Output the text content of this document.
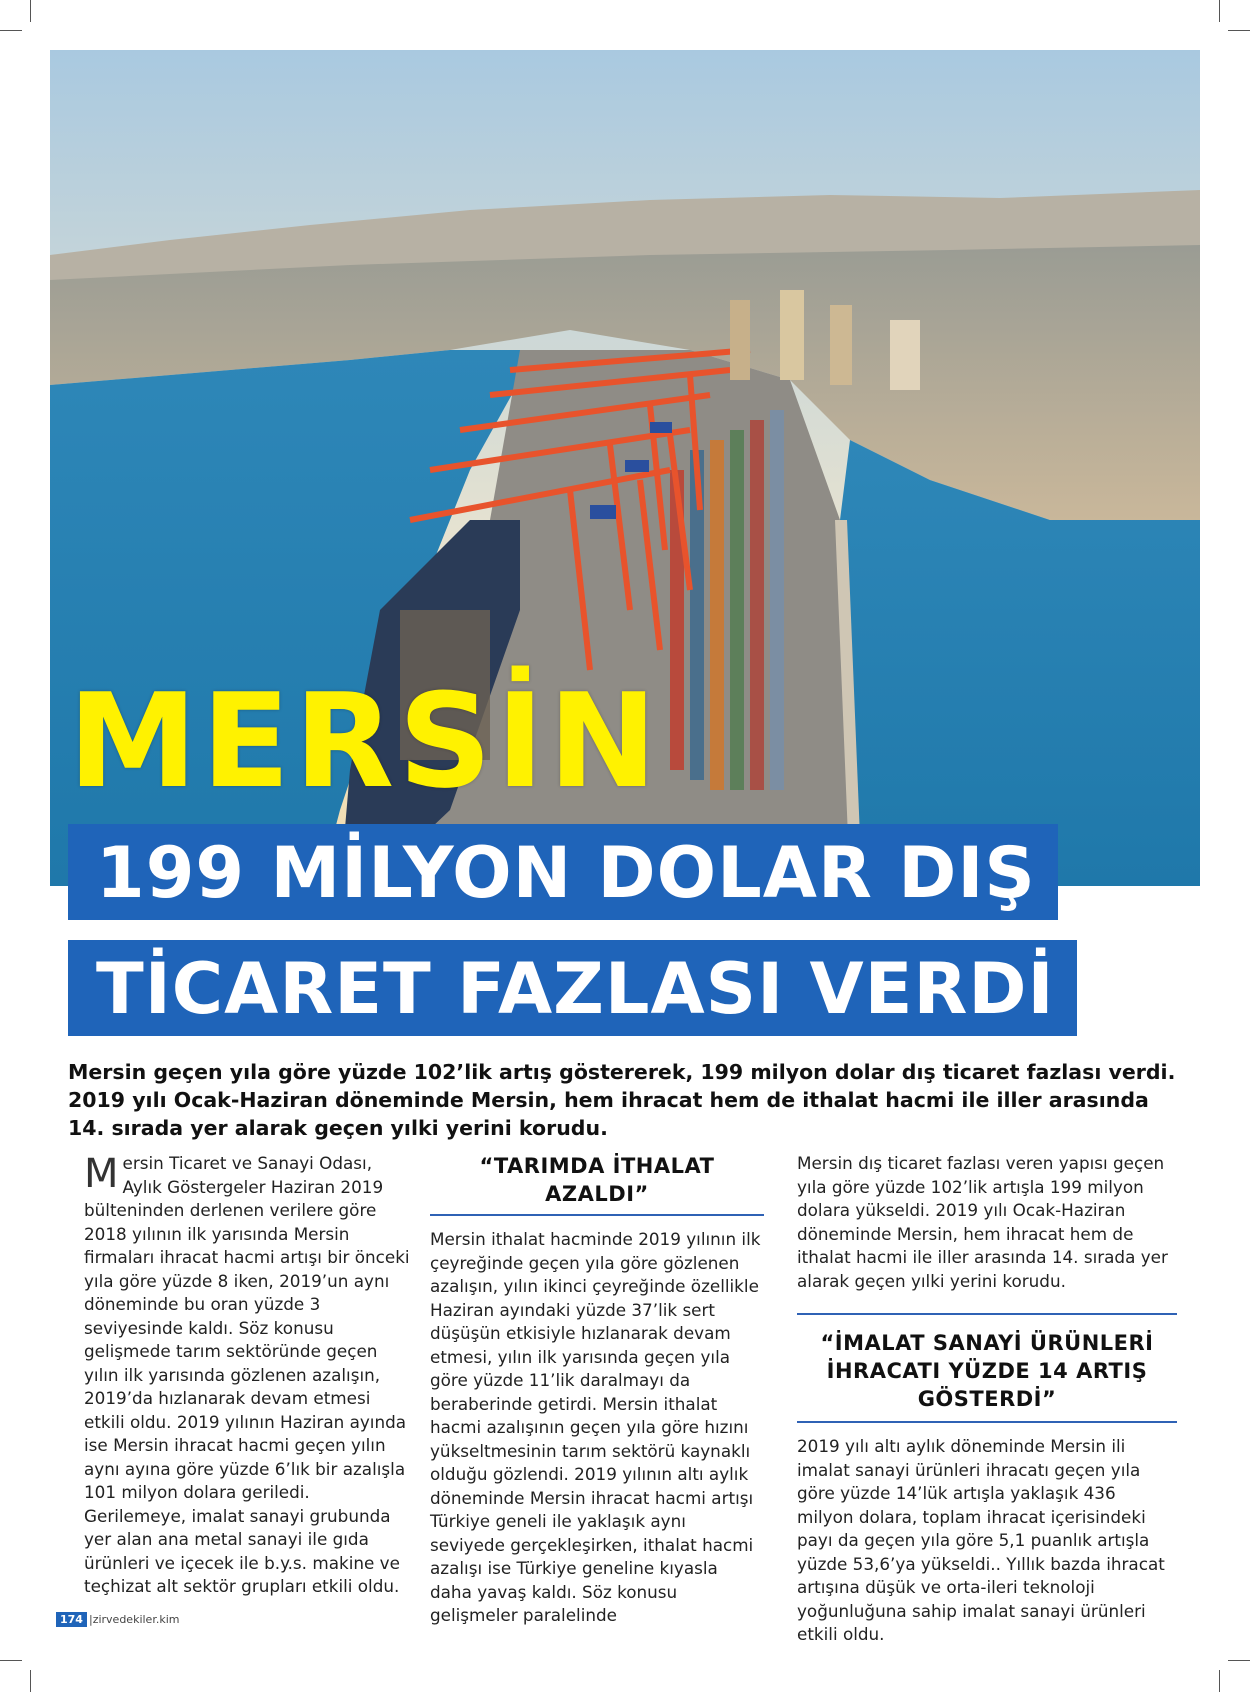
MERSİN
199 MİLYON DOLAR DIŞ
TİCARET FAZLASI VERDİ
Mersin geçen yıla göre yüzde 102’lik artış göstererek, 199 milyon dolar dış ticaret fazlası verdi. 2019 yılı Ocak-Haziran döneminde Mersin, hem ihracat hem de ithalat hacmi ile iller arasında 14. sırada yer alarak geçen yılki yerini korudu.
M ersin Ticaret ve Sanayi Odası, Aylık Göstergeler Haziran 2019 bülteninden derlenen verilere göre 2018 yılının ilk yarısında Mersin firmaları ihracat hacmi artışı bir önceki yıla göre yüzde 8 iken, 2019’un aynı döneminde bu oran yüzde 3 seviyesinde kaldı. Söz konusu gelişmede tarım sektöründe geçen yılın ilk yarısında gözlenen azalışın, 2019’da hızlanarak devam etmesi etkili oldu. 2019 yılının Haziran ayında ise Mersin ihracat hacmi geçen yılın aynı ayına göre yüzde 6’lık bir azalışla 101 milyon dolara geriledi. Gerilemeye, imalat sanayi grubunda yer alan ana metal sanayi ile gıda ürünleri ve içecek ile b.y.s. makine ve teçhizat alt sektör grupları etkili oldu.
“TARIMDA İTHALAT AZALDI”
Mersin ithalat hacminde 2019 yılının ilk çeyreğinde geçen yıla göre gözlenen azalışın, yılın ikinci çeyreğinde özellikle Haziran ayındaki yüzde 37’lik sert düşüşün etkisiyle hızlanarak devam etmesi, yılın ilk yarısında geçen yıla göre yüzde 11’lik daralmayı da beraberinde getirdi. Mersin ithalat hacmi azalışının geçen yıla göre hızını yükseltmesinin tarım sektörü kaynaklı olduğu gözlendi. 2019 yılının altı aylık döneminde Mersin ihracat hacmi artışı Türkiye geneli ile yaklaşık aynı seviyede gerçekleşirken, ithalat hacmi azalışı ise Türkiye geneline kıyasla daha yavaş kaldı. Söz konusu gelişmeler paralelinde
Mersin dış ticaret fazlası veren yapısı geçen yıla göre yüzde 102’lik artışla 199 milyon dolara yükseldi. 2019 yılı Ocak-Haziran döneminde Mersin, hem ihracat hem de ithalat hacmi ile iller arasında 14. sırada yer alarak geçen yılki yerini korudu.
“İMALAT SANAYİ ÜRÜNLERİ İHRACATI YÜZDE 14 ARTIŞ GÖSTERDİ”
2019 yılı altı aylık döneminde Mersin ili imalat sanayi ürünleri ihracatı geçen yıla göre yüzde 14’lük artışla yaklaşık 436 milyon dolara, toplam ihracat içerisindeki payı da geçen yıla göre 5,1 puanlık artışla yüzde 53,6’ya yükseldi.. Yıllık bazda ihracat artışına düşük ve orta-ileri teknoloji yoğunluğuna sahip imalat sanayi ürünleri etkili oldu.
174 |zirvedekiler.kim
